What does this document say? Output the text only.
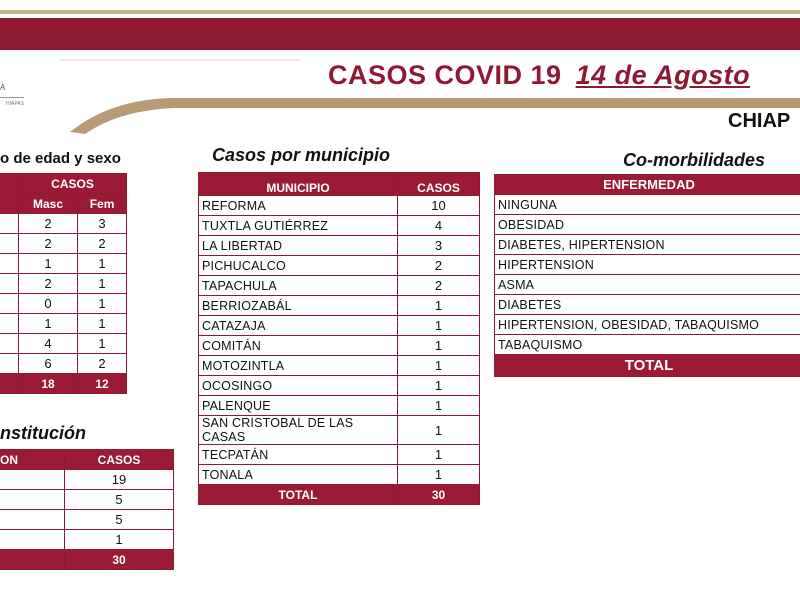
A
HIAPAS
CASOS COVID 19 14 de Agosto
CHIAP
o de edad y sexo
	CASOS	
	Masc	Fem
	2	3
	2	2
	1	1
	2	1
	0	1
	1	1
	4	1
	6	2
	18	12
nstitución
ON	CASOS
	19
	5
	5
	1
	30
Casos por municipio
MUNICIPIO	CASOS
REFORMA	10
TUXTLA GUTIÉRREZ	4
LA LIBERTAD	3
PICHUCALCO	2
TAPACHULA	2
BERRIOZABÁL	1
CATAZAJA	1
COMITÁN	1
MOTOZINTLA	1
OCOSINGO	1
PALENQUE	1
SAN CRISTOBAL DE LAS CASAS	1
TECPATÁN	1
TONALA	1
TOTAL	30
Co-morbilidades
ENFERMEDAD
NINGUNA
OBESIDAD
DIABETES, HIPERTENSION
HIPERTENSION
ASMA
DIABETES
HIPERTENSION, OBESIDAD, TABAQUISMO
TABAQUISMO
TOTAL
